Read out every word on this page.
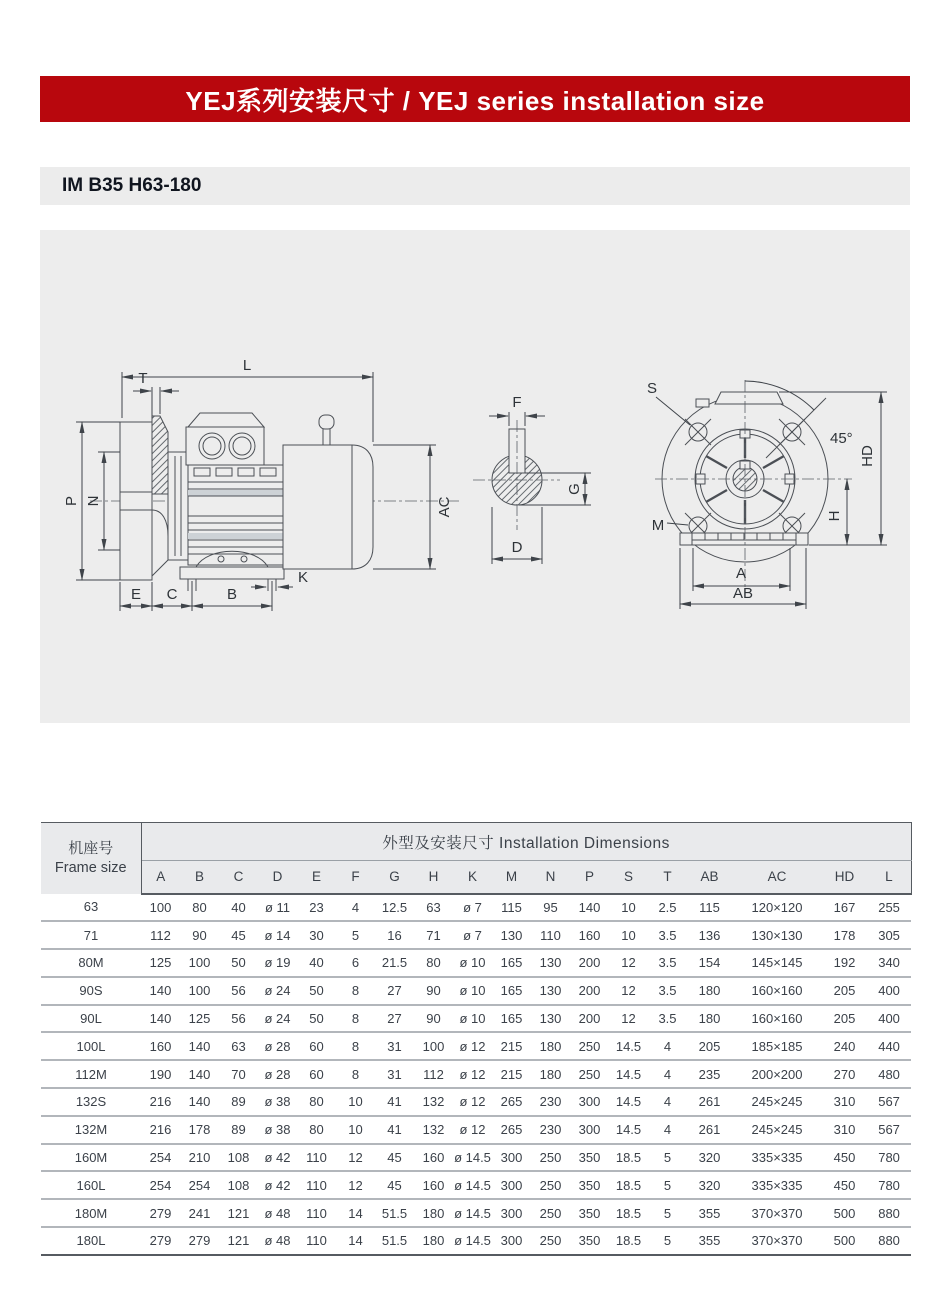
YEJ系列安装尺寸 / YEJ series installation size
IM B35 H63-180
L
T
P N	AC
E C	B
K
F
G
D
S
M
45°
HD
H
A
AB
机座号
Frame size	外型及安装尺寸 Installation Dimensions																	
	A	B	C	D	E	F	G	H	K	M	N	P	S	T	AB	AC	HD	L
63	100	80	40	ø 11	23	4	12.5	63	ø 7	115	95	140	10	2.5	115	120×120	167	255
71	112	90	45	ø 14	30	5	16	71	ø 7	130	110	160	10	3.5	136	130×130	178	305
80M	125	100	50	ø 19	40	6	21.5	80	ø 10	165	130	200	12	3.5	154	145×145	192	340
90S	140	100	56	ø 24	50	8	27	90	ø 10	165	130	200	12	3.5	180	160×160	205	400
90L	140	125	56	ø 24	50	8	27	90	ø 10	165	130	200	12	3.5	180	160×160	205	400
100L	160	140	63	ø 28	60	8	31	100	ø 12	215	180	250	14.5	4	205	185×185	240	440
112M	190	140	70	ø 28	60	8	31	112	ø 12	215	180	250	14.5	4	235	200×200	270	480
132S	216	140	89	ø 38	80	10	41	132	ø 12	265	230	300	14.5	4	261	245×245	310	567
132M	216	178	89	ø 38	80	10	41	132	ø 12	265	230	300	14.5	4	261	245×245	310	567
160M	254	210	108	ø 42	110	12	45	160	ø 14.5	300	250	350	18.5	5	320	335×335	450	780
160L	254	254	108	ø 42	110	12	45	160	ø 14.5	300	250	350	18.5	5	320	335×335	450	780
180M	279	241	121	ø 48	110	14	51.5	180	ø 14.5	300	250	350	18.5	5	355	370×370	500	880
180L	279	279	121	ø 48	110	14	51.5	180	ø 14.5	300	250	350	18.5	5	355	370×370	500	880
